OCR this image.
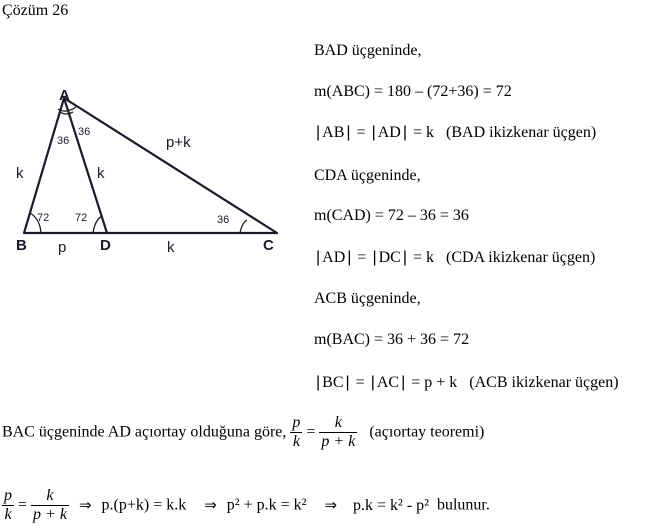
Çözüm 26
A
B	D	C
k	k
p+k
p	k
36
36
72 72	36
BAD üçgeninde,
m(ABC) = 180 – (72+36) = 72
| AB | = | AD | = k (BAD ikizkenar üçgen)
CDA üçgeninde,
m(CAD) = 72 – 36 = 36
| AD | = | DC | = k (CDA ikizkenar üçgen)
ACB üçgeninde,
m(BAC) = 36 + 36 = 72
| BC | = | AC | = p + k (ACB ikizkenar üçgen)
BAC üçgeninde AD açıortay olduğuna göre, $\frac{p}{k} = \frac{k}{p + k}$ (açıortay teoremi)
$\frac{p}{k} = \frac{k}{p + k}$ ⇒ p.(p+k) = k.k ⇒ p² + p.k = k² ⇒ p.k = k² - p² bulunur.
